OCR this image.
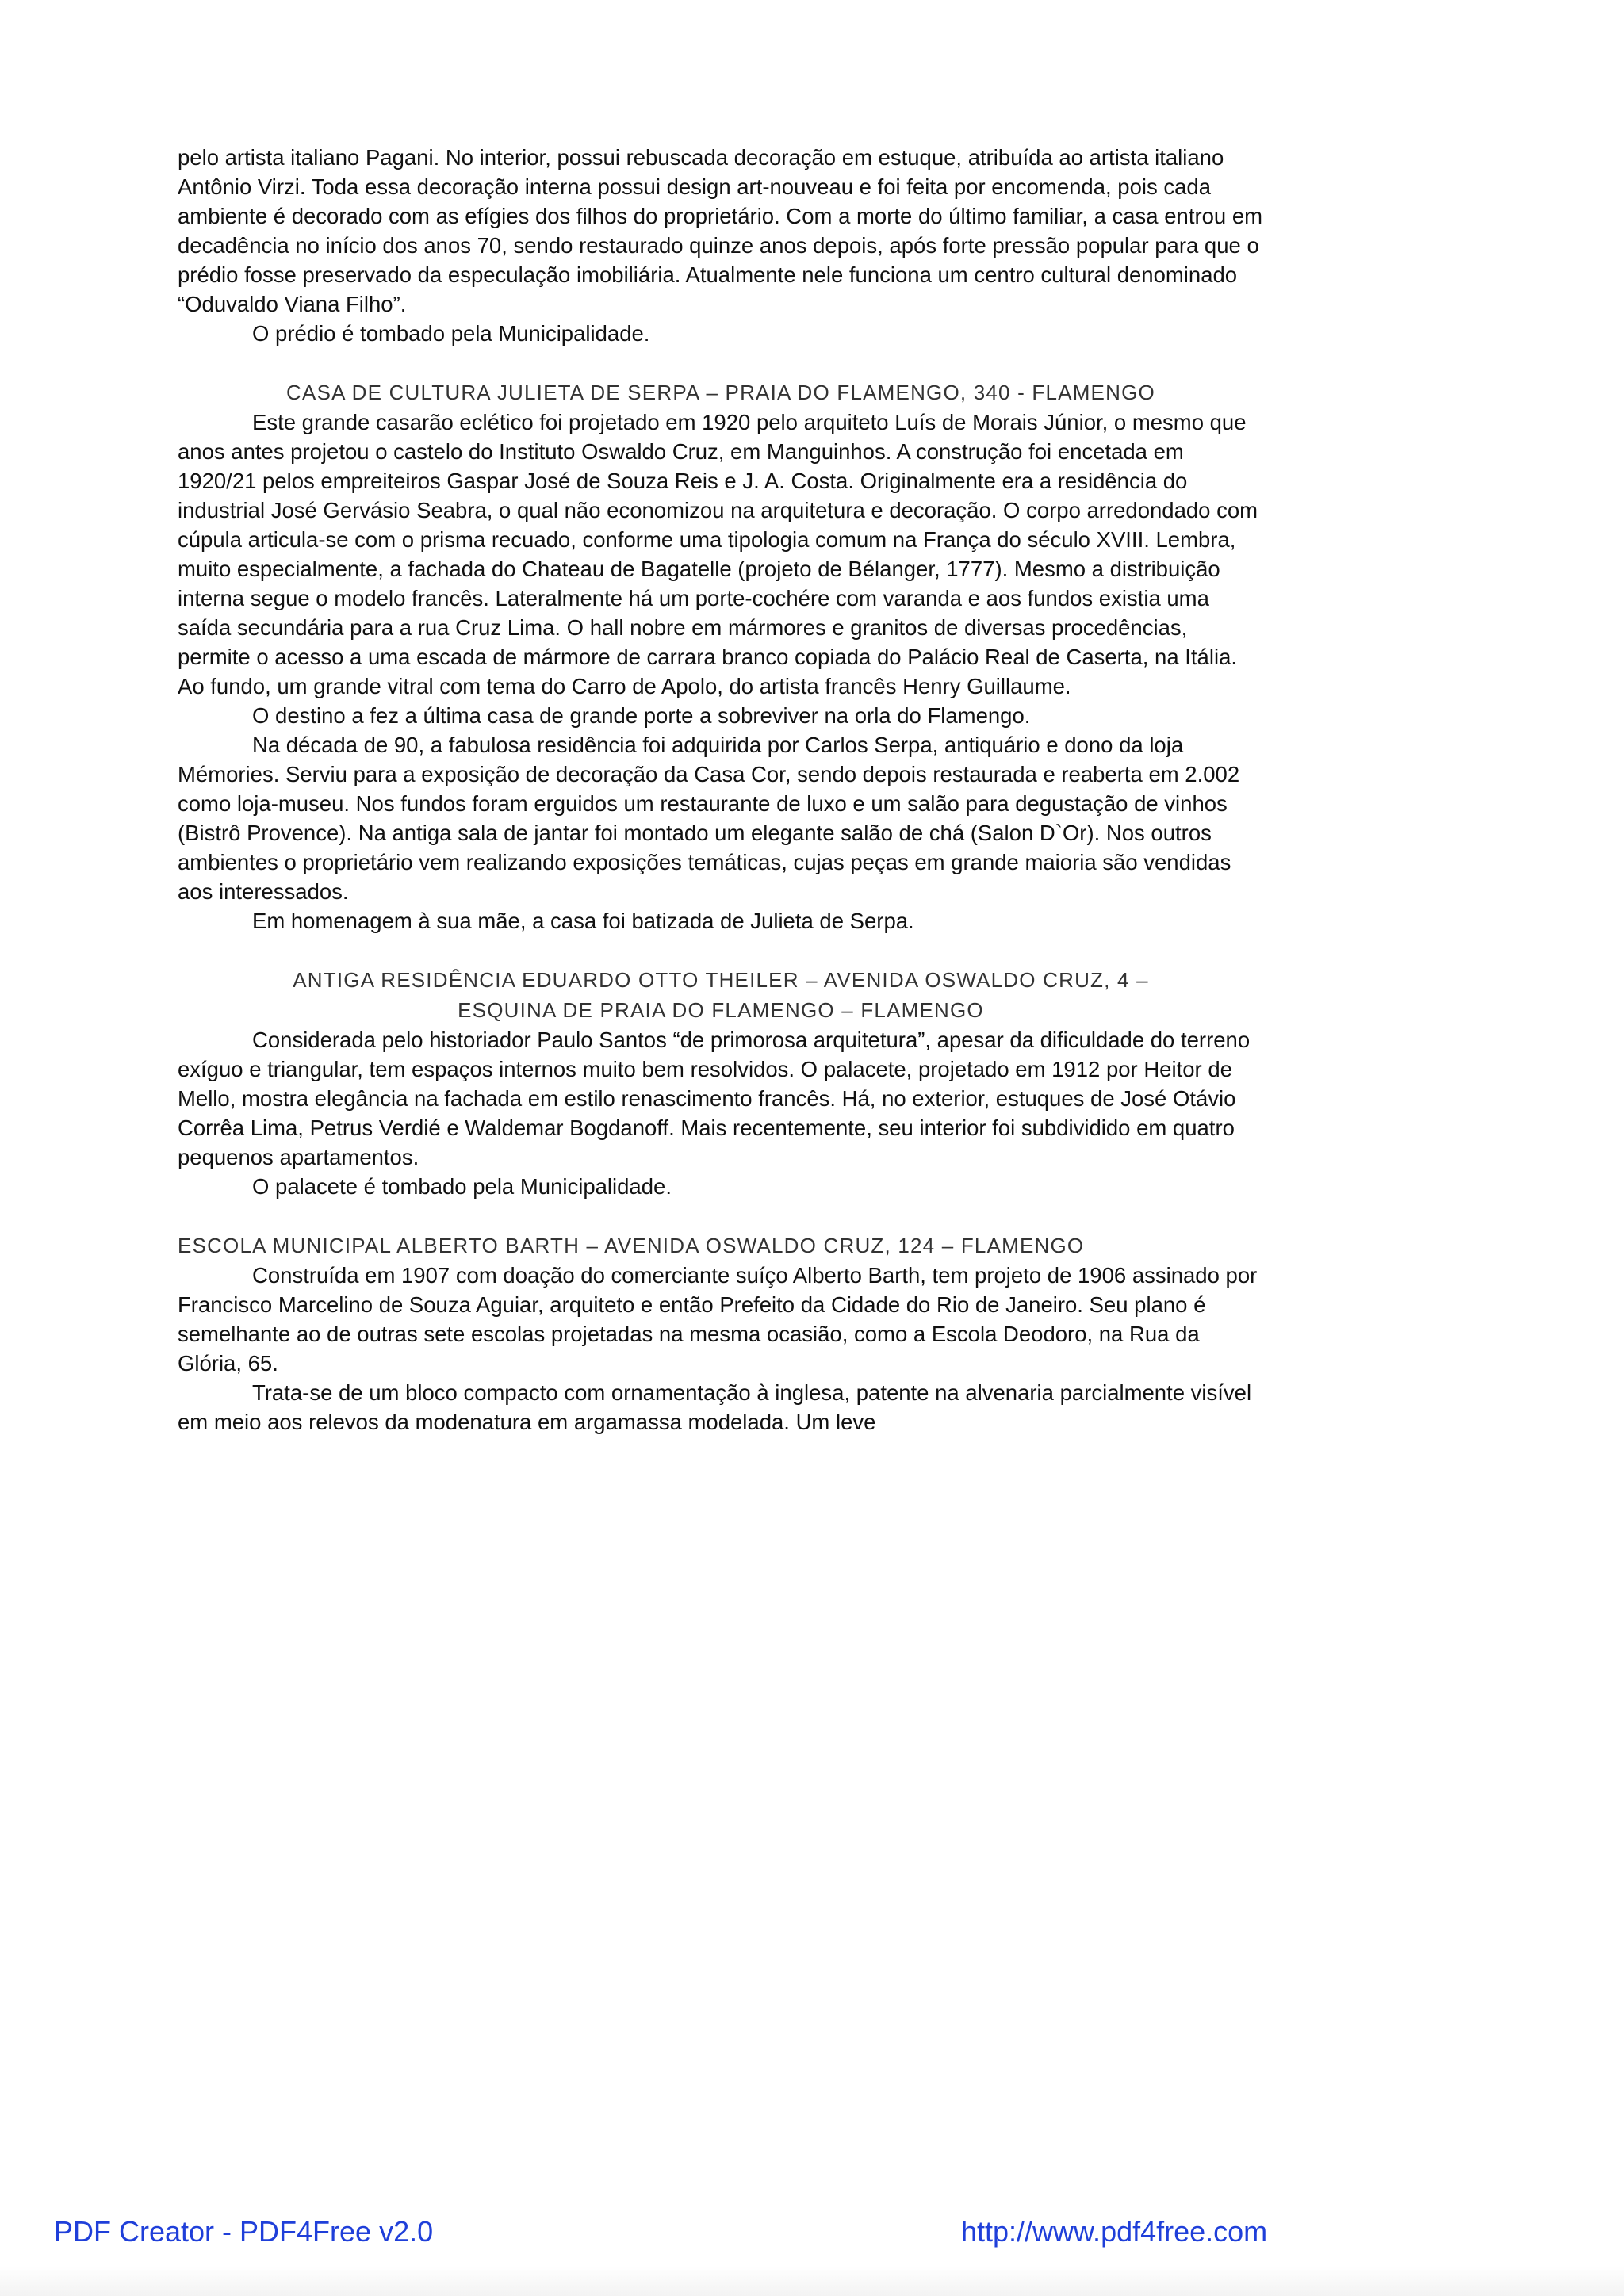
pelo artista italiano Pagani. No interior, possui rebuscada decoração em estuque, atribuída ao artista italiano Antônio Virzi. Toda essa decoração interna possui design art-nouveau e foi feita por encomenda, pois cada ambiente é decorado com as efígies dos filhos do proprietário. Com a morte do último familiar, a casa entrou em decadência no início dos anos 70, sendo restaurado quinze anos depois, após forte pressão popular para que o prédio fosse preservado da especulação imobiliária. Atualmente nele funciona um centro cultural denominado “Oduvaldo Viana Filho”.

O prédio é tombado pela Municipalidade.

CASA DE CULTURA JULIETA DE SERPA – PRAIA DO FLAMENGO, 340 - FLAMENGO

Este grande casarão eclético foi projetado em 1920 pelo arquiteto Luís de Morais Júnior, o mesmo que anos antes projetou o castelo do Instituto Oswaldo Cruz, em Manguinhos. A construção foi encetada em 1920/21 pelos empreiteiros Gaspar José de Souza Reis e J. A. Costa. Originalmente era a residência do industrial José Gervásio Seabra, o qual não economizou na arquitetura e decoração. O corpo arredondado com cúpula articula-se com o prisma recuado, conforme uma tipologia comum na França do século XVIII. Lembra, muito especialmente, a fachada do Chateau de Bagatelle (projeto de Bélanger, 1777). Mesmo a distribuição interna segue o modelo francês. Lateralmente há um porte-cochére com varanda e aos fundos existia uma saída secundária para a rua Cruz Lima. O hall nobre em mármores e granitos de diversas procedências, permite o acesso a uma escada de mármore de carrara branco copiada do Palácio Real de Caserta, na Itália. Ao fundo, um grande vitral com tema do Carro de Apolo, do artista francês Henry Guillaume.

O destino a fez a última casa de grande porte a sobreviver na orla do Flamengo.

Na década de 90, a fabulosa residência foi adquirida por Carlos Serpa, antiquário e dono da loja Mémories. Serviu para a exposição de decoração da Casa Cor, sendo depois restaurada e reaberta em 2.002 como loja-museu. Nos fundos foram erguidos um restaurante de luxo e um salão para degustação de vinhos (Bistrô Provence). Na antiga sala de jantar foi montado um elegante salão de chá (Salon D`Or). Nos outros ambientes o proprietário vem realizando exposições temáticas, cujas peças em grande maioria são vendidas aos interessados.

Em homenagem à sua mãe, a casa foi batizada de Julieta de Serpa.

ANTIGA RESIDÊNCIA EDUARDO OTTO THEILER – AVENIDA OSWALDO CRUZ, 4 –

ESQUINA DE PRAIA DO FLAMENGO – FLAMENGO

Considerada pelo historiador Paulo Santos “de primorosa arquitetura”, apesar da dificuldade do terreno exíguo e triangular, tem espaços internos muito bem resolvidos. O palacete, projetado em 1912 por Heitor de Mello, mostra elegância na fachada em estilo renascimento francês. Há, no exterior, estuques de José Otávio Corrêa Lima, Petrus Verdié e Waldemar Bogdanoff. Mais recentemente, seu interior foi subdividido em quatro pequenos apartamentos.

O palacete é tombado pela Municipalidade.

ESCOLA MUNICIPAL ALBERTO BARTH – AVENIDA OSWALDO CRUZ, 124 – FLAMENGO

Construída em 1907 com doação do comerciante suíço Alberto Barth, tem projeto de 1906 assinado por Francisco Marcelino de Souza Aguiar, arquiteto e então Prefeito da Cidade do Rio de Janeiro. Seu plano é semelhante ao de outras sete escolas projetadas na mesma ocasião, como a Escola Deodoro, na Rua da Glória, 65.

Trata-se de um bloco compacto com ornamentação à inglesa, patente na alvenaria parcialmente visível em meio aos relevos da modenatura em argamassa modelada. Um leve

PDF Creator - PDF4Free v2.0	http://www.pdf4free.com
